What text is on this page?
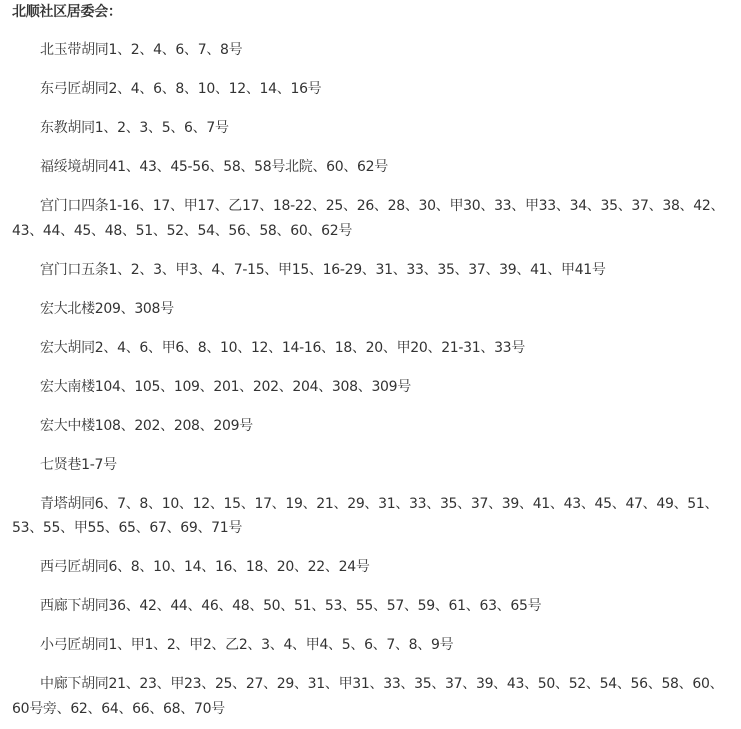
北顺社区居委会：

北玉带胡同1、2、4、6、7、8号

东弓匠胡同2、4、6、8、10、12、14、16号

东教胡同1、2、3、5、6、7号

福绥境胡同41、43、45-56、58、58号北院、60、62号

宫门口四条1-16、17、甲17、乙17、18-22、25、26、28、30、甲30、33、甲33、34、35、37、38、42、43、44、45、48、51、52、54、56、58、60、62号

宫门口五条1、2、3、甲3、4、7-15、甲15、16-29、31、33、35、37、39、41、甲41号

宏大北楼209、308号

宏大胡同2、4、6、甲6、8、10、12、14-16、18、20、甲20、21-31、33号

宏大南楼104、105、109、201、202、204、308、309号

宏大中楼108、202、208、209号

七贤巷1-7号

青塔胡同6、7、8、10、12、15、17、19、21、29、31、33、35、37、39、41、43、45、47、49、51、53、55、甲55、65、67、69、71号

西弓匠胡同6、8、10、14、16、18、20、22、24号

西廊下胡同36、42、44、46、48、50、51、53、55、57、59、61、63、65号

小弓匠胡同1、甲1、2、甲2、乙2、3、4、甲4、5、6、7、8、9号

中廊下胡同21、23、甲23、25、27、29、31、甲31、33、35、37、39、43、50、52、54、56、58、60、60号旁、62、64、66、68、70号
